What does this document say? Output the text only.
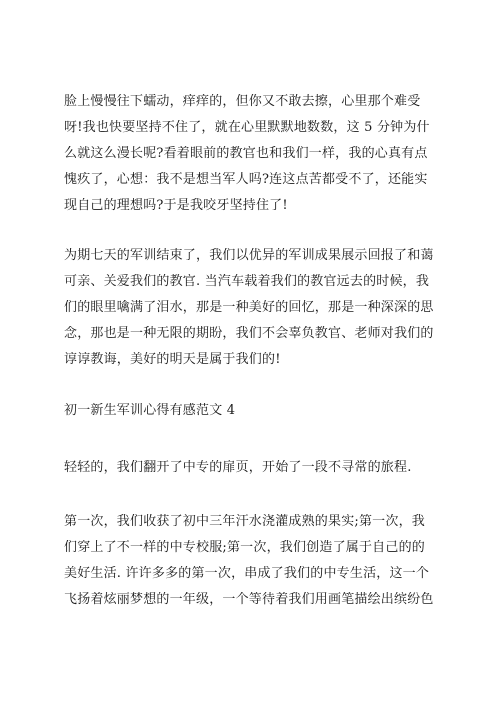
脸上慢慢往下蠕动，痒痒的，但你又不敢去擦，心里那个难受
呀!我也快要坚持不住了，就在心里默默地数数，这 5 分钟为什
么就这么漫长呢?看着眼前的教官也和我们一样，我的心真有点
愧疚了，心想：我不是想当军人吗?连这点苦都受不了，还能实
现自己的理想吗?于是我咬牙坚持住了!
为期七天的军训结束了，我们以优异的军训成果展示回报了和蔼
可亲、关爱我们的教官. 当汽车载着我们的教官远去的时候，我
们的眼里噙满了泪水，那是一种美好的回忆，那是一种深深的思
念，那也是一种无限的期盼，我们不会辜负教官、老师对我们的
谆谆教诲，美好的明天是属于我们的!
初一新生军训心得有感范文 4
轻轻的，我们翻开了中专的扉页，开始了一段不寻常的旅程.
第一次，我们收获了初中三年汗水浇灌成熟的果实;第一次，我
们穿上了不一样的中专校服;第一次，我们创造了属于自己的的
美好生活. 许许多多的第一次，串成了我们的中专生活，这一个
飞扬着炫丽梦想的一年级，一个等待着我们用画笔描绘出缤纷色
